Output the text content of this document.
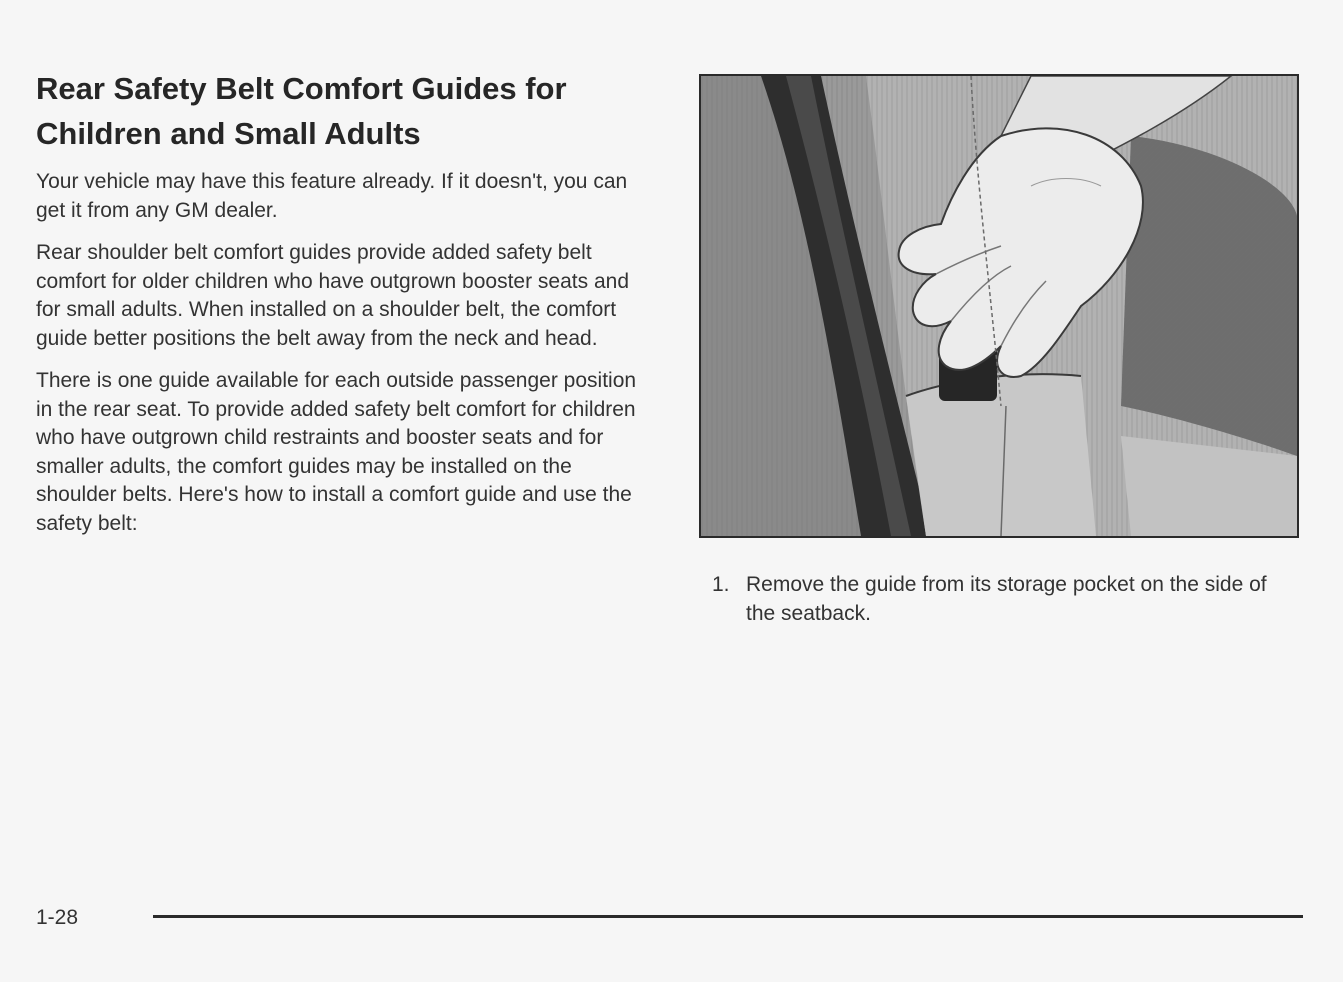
Rear Safety Belt Comfort Guides for Children and Small Adults

Your vehicle may have this feature already. If it doesn't, you can get it from any GM dealer.

Rear shoulder belt comfort guides provide added safety belt comfort for older children who have outgrown booster seats and for small adults. When installed on a shoulder belt, the comfort guide better positions the belt away from the neck and head.

There is one guide available for each outside passenger position in the rear seat. To provide added safety belt comfort for children who have outgrown child restraints and booster seats and for smaller adults, the comfort guides may be installed on the shoulder belts. Here's how to install a comfort guide and use the safety belt:

1. Remove the guide from its storage pocket on the side of the seatback.
1-28
